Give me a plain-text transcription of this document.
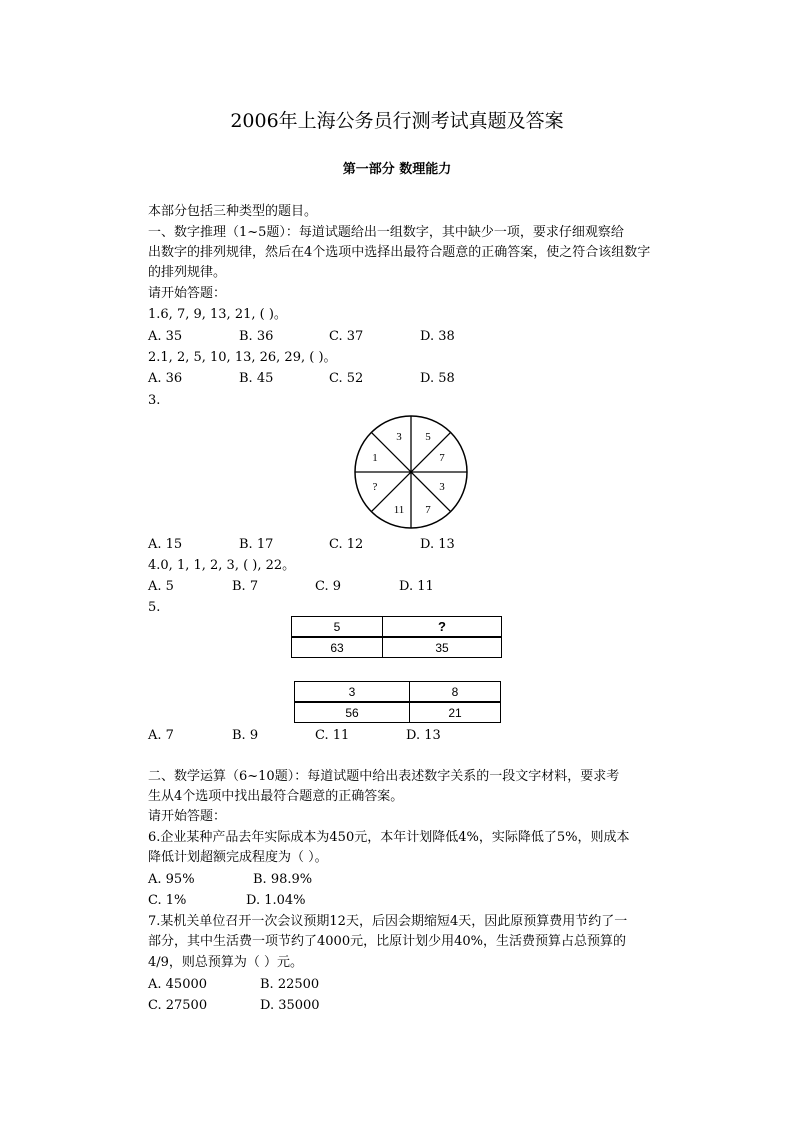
2006年上海公务员行测考试真题及答案
第一部分 数理能力
本部分包括三种类型的题目。
一、数字推理（1~5题）：每道试题给出一组数字，其中缺少一项，要求仔细观察给
出数字的排列规律，然后在4个选项中选择出最符合题意的正确答案，使之符合该组数字
的排列规律。
请开始答题：
1.6, 7, 9, 13, 21, ( )。
A. 35	B. 36	C. 37	D. 38
2.1, 2, 5, 10, 13, 26, 29, ( )。
A. 36	B. 45	C. 52	D. 58
3.
3 5
7
3
7
11
?
1
A. 15	B. 17	C. 12	D. 13
4.0, 1, 1, 2, 3, ( ), 22。
A. 5	B. 7	C. 9	D. 11
5.
5	?
63	35
3	8
56	21
A. 7	B. 9	C. 11	D. 13
二、数学运算（6~10题）：每道试题中给出表述数字关系的一段文字材料，要求考
生从4个选项中找出最符合题意的正确答案。
请开始答题：
6.企业某种产品去年实际成本为450元，本年计划降低4%，实际降低了5%，则成本
降低计划超额完成程度为（ ）。
A. 95%	B. 98.9%
C. 1%	D. 1.04%
7.某机关单位召开一次会议预期12天，后因会期缩短4天，因此原预算费用节约了一
部分，其中生活费一项节约了4000元，比原计划少用40%，生活费预算占总预算的
4/9，则总预算为（ ）元。
A. 45000	B. 22500
C. 27500	D. 35000
